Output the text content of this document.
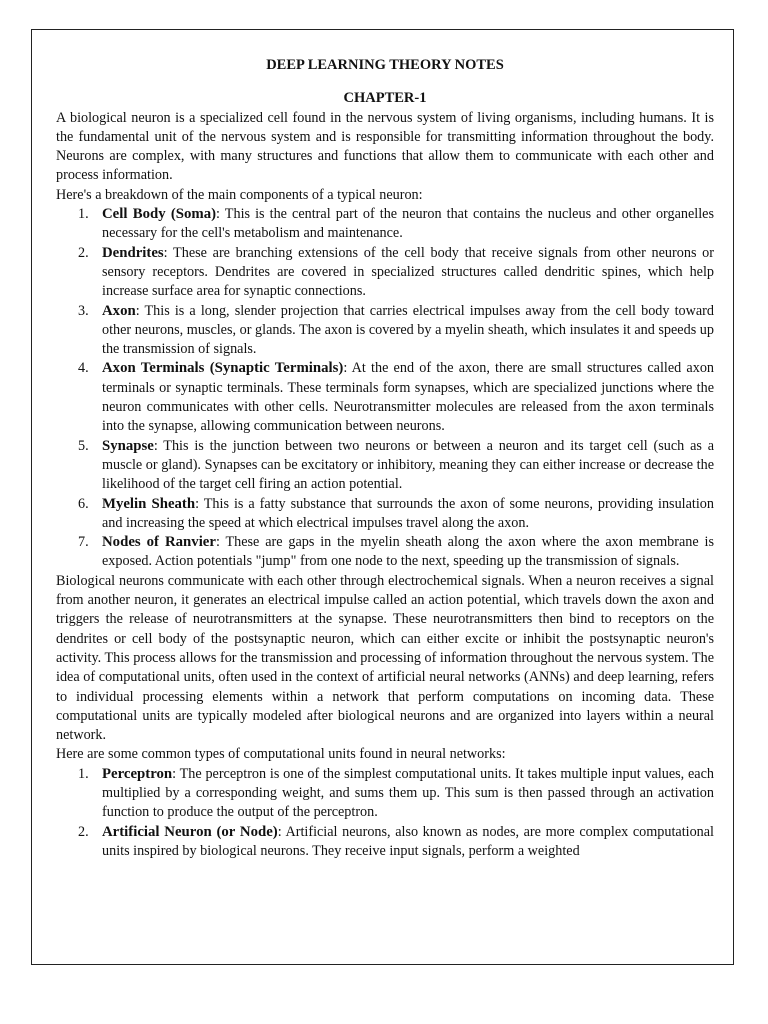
DEEP LEARNING THEORY NOTES
CHAPTER-1

A biological neuron is a specialized cell found in the nervous system of living organisms, including humans. It is the fundamental unit of the nervous system and is responsible for transmitting information throughout the body. Neurons are complex, with many structures and functions that allow them to communicate with each other and process information.

Here's a breakdown of the main components of a typical neuron:

1. Cell Body (Soma): This is the central part of the neuron that contains the nucleus and other organelles necessary for the cell's metabolism and maintenance.
2. Dendrites: These are branching extensions of the cell body that receive signals from other neurons or sensory receptors. Dendrites are covered in specialized structures called dendritic spines, which help increase surface area for synaptic connections.
3. Axon: This is a long, slender projection that carries electrical impulses away from the cell body toward other neurons, muscles, or glands. The axon is covered by a myelin sheath, which insulates it and speeds up the transmission of signals.
4. Axon Terminals (Synaptic Terminals): At the end of the axon, there are small structures called axon terminals or synaptic terminals. These terminals form synapses, which are specialized junctions where the neuron communicates with other cells. Neurotransmitter molecules are released from the axon terminals into the synapse, allowing communication between neurons.
5. Synapse: This is the junction between two neurons or between a neuron and its target cell (such as a muscle or gland). Synapses can be excitatory or inhibitory, meaning they can either increase or decrease the likelihood of the target cell firing an action potential.
6. Myelin Sheath: This is a fatty substance that surrounds the axon of some neurons, providing insulation and increasing the speed at which electrical impulses travel along the axon.
7. Nodes of Ranvier: These are gaps in the myelin sheath along the axon where the axon membrane is exposed. Action potentials "jump" from one node to the next, speeding up the transmission of signals.

Biological neurons communicate with each other through electrochemical signals. When a neuron receives a signal from another neuron, it generates an electrical impulse called an action potential, which travels down the axon and triggers the release of neurotransmitters at the synapse. These neurotransmitters then bind to receptors on the dendrites or cell body of the postsynaptic neuron, which can either excite or inhibit the postsynaptic neuron's activity. This process allows for the transmission and processing of information throughout the nervous system. The idea of computational units, often used in the context of artificial neural networks (ANNs) and deep learning, refers to individual processing elements within a network that perform computations on incoming data. These computational units are typically modeled after biological neurons and are organized into layers within a neural network.

Here are some common types of computational units found in neural networks:

1. Perceptron: The perceptron is one of the simplest computational units. It takes multiple input values, each multiplied by a corresponding weight, and sums them up. This sum is then passed through an activation function to produce the output of the perceptron.
2. Artificial Neuron (or Node): Artificial neurons, also known as nodes, are more complex computational units inspired by biological neurons. They receive input signals, perform a weighted
